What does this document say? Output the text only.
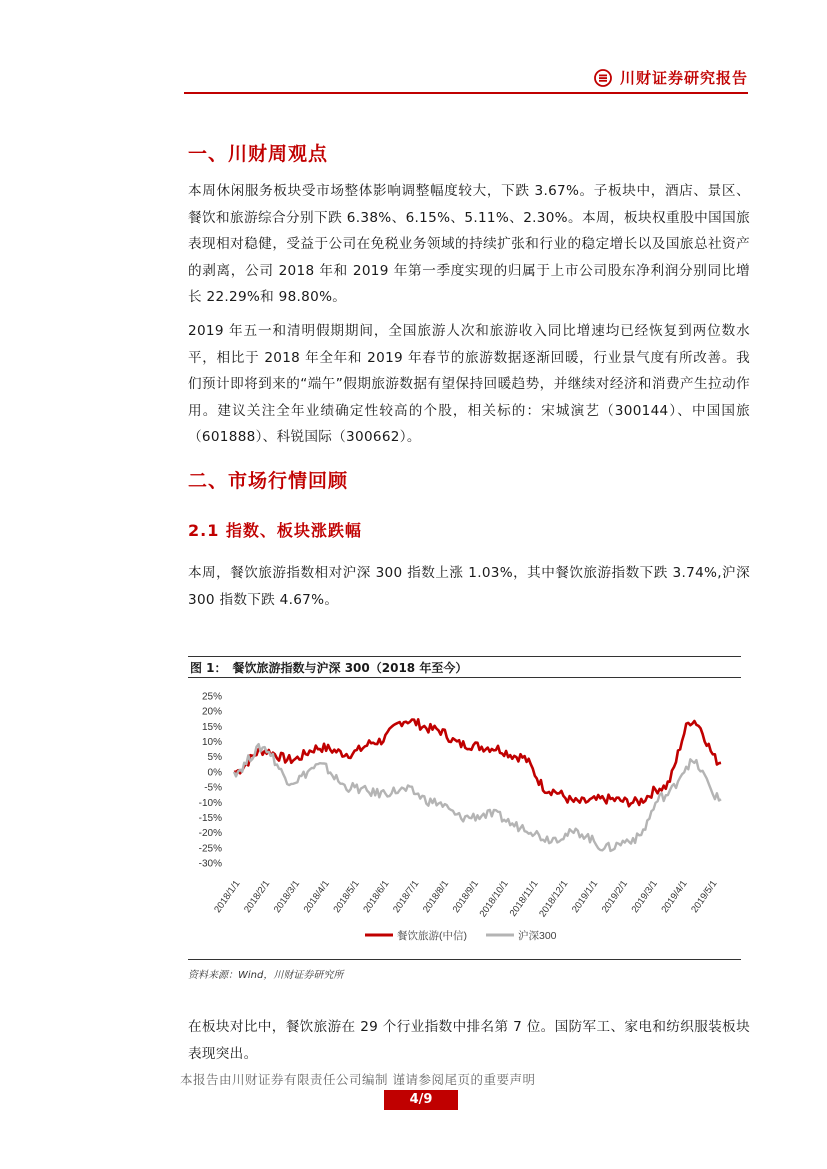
川财证券研究报告
一、川财周观点
本周休闲服务板块受市场整体影响调整幅度较大，下跌 3.67%。子板块中，酒店、景区、餐饮和旅游综合分别下跌 6.38%、6.15%、5.11%、2.30%。本周，板块权重股中国国旅表现相对稳健，受益于公司在免税业务领域的持续扩张和行业的稳定增长以及国旅总社资产的剥离，公司 2018 年和 2019 年第一季度实现的归属于上市公司股东净利润分别同比增长 22.29%和 98.80%。
2019 年五一和清明假期期间，全国旅游人次和旅游收入同比增速均已经恢复到两位数水平，相比于 2018 年全年和 2019 年春节的旅游数据逐渐回暖，行业景气度有所改善。我们预计即将到来的“端午”假期旅游数据有望保持回暖趋势，并继续对经济和消费产生拉动作用。建议关注全年业绩确定性较高的个股，相关标的：宋城演艺（300144）、中国国旅（601888）、科锐国际（300662）。
二、市场行情回顾
2.1 指数、板块涨跌幅
本周，餐饮旅游指数相对沪深 300 指数上涨 1.03%，其中餐饮旅游指数下跌 3.74%,沪深 300 指数下跌 4.67%。
图 1：　餐饮旅游指数与沪深 300（2018 年至今）
25%
20%
15%
10%
5%
0%
-5%
-10%
-15%
-20%
-25%
-30%
2018/1/1 2018/2/1 2018/3/1 2018/4/1 2018/5/1 2018/6/1 2018/7/1 2018/8/1 2018/9/1
2018/10/1
2018/11/1
2018/12/1 2019/1/1 2019/2/1 2019/3/1 2019/4/1 2019/5/1
餐饮旅游(中信)	沪深300
资料来源：Wind，川财证券研究所
在板块对比中，餐饮旅游在 29 个行业指数中排名第 7 位。国防军工、家电和纺织服装板块表现突出。
本报告由川财证券有限责任公司编制 谨请参阅尾页的重要声明
4/9
